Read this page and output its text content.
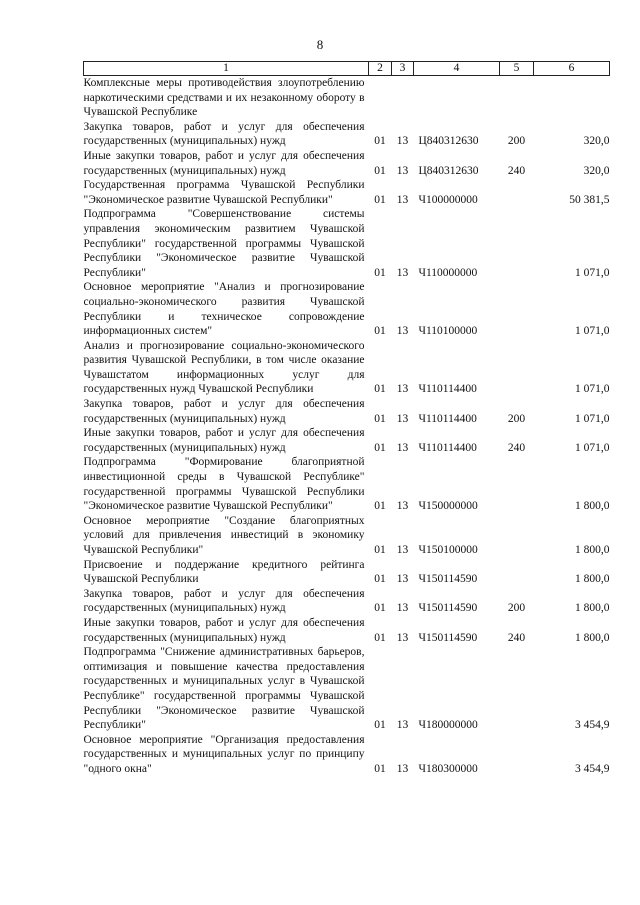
8
1	2	3	4	5	6
Комплексные меры противодействия злоупотреблению наркотическими средствами и их незаконному обороту в Чувашской Республике					
Закупка товаров, работ и услуг для обеспечения государственных (муниципальных) нужд	01	13	Ц840312630	200	320,0
Иные закупки товаров, работ и услуг для обеспечения государственных (муниципальных) нужд	01	13	Ц840312630	240	320,0
Государственная программа Чувашской Республики "Экономическое развитие Чувашской Республики"	01	13	Ч100000000		50 381,5
Подпрограмма "Совершенствование системы управления экономическим развитием Чувашской Республики" государственной программы Чувашской Республики "Экономическое развитие Чувашской Республики"	01	13	Ч110000000		1 071,0
Основное мероприятие "Анализ и прогнозирование социально-экономического развития Чувашской Республики и техническое сопровождение информационных систем"	01	13	Ч110100000		1 071,0
Анализ и прогнозирование социально-экономического развития Чувашской Республики, в том числе оказание Чувашстатом информационных услуг для государственных нужд Чувашской Республики	01	13	Ч110114400		1 071,0
Закупка товаров, работ и услуг для обеспечения государственных (муниципальных) нужд	01	13	Ч110114400	200	1 071,0
Иные закупки товаров, работ и услуг для обеспечения государственных (муниципальных) нужд	01	13	Ч110114400	240	1 071,0
Подпрограмма "Формирование благоприятной инвестиционной среды в Чувашской Республике" государственной программы Чувашской Республики "Экономическое развитие Чувашской Республики"	01	13	Ч150000000		1 800,0
Основное мероприятие "Создание благоприятных условий для привлечения инвестиций в экономику Чувашской Республики"	01	13	Ч150100000		1 800,0
Присвоение и поддержание кредитного рейтинга Чувашской Республики	01	13	Ч150114590		1 800,0
Закупка товаров, работ и услуг для обеспечения государственных (муниципальных) нужд	01	13	Ч150114590	200	1 800,0
Иные закупки товаров, работ и услуг для обеспечения государственных (муниципальных) нужд	01	13	Ч150114590	240	1 800,0
Подпрограмма "Снижение административных барьеров, оптимизация и повышение качества предоставления государственных и муниципальных услуг в Чувашской Республике" государственной программы Чувашской Республики "Экономическое развитие Чувашской Республики"	01	13	Ч180000000		3 454,9
Основное мероприятие "Организация предоставления государственных и муниципальных услуг по принципу "одного окна"	01	13	Ч180300000		3 454,9
